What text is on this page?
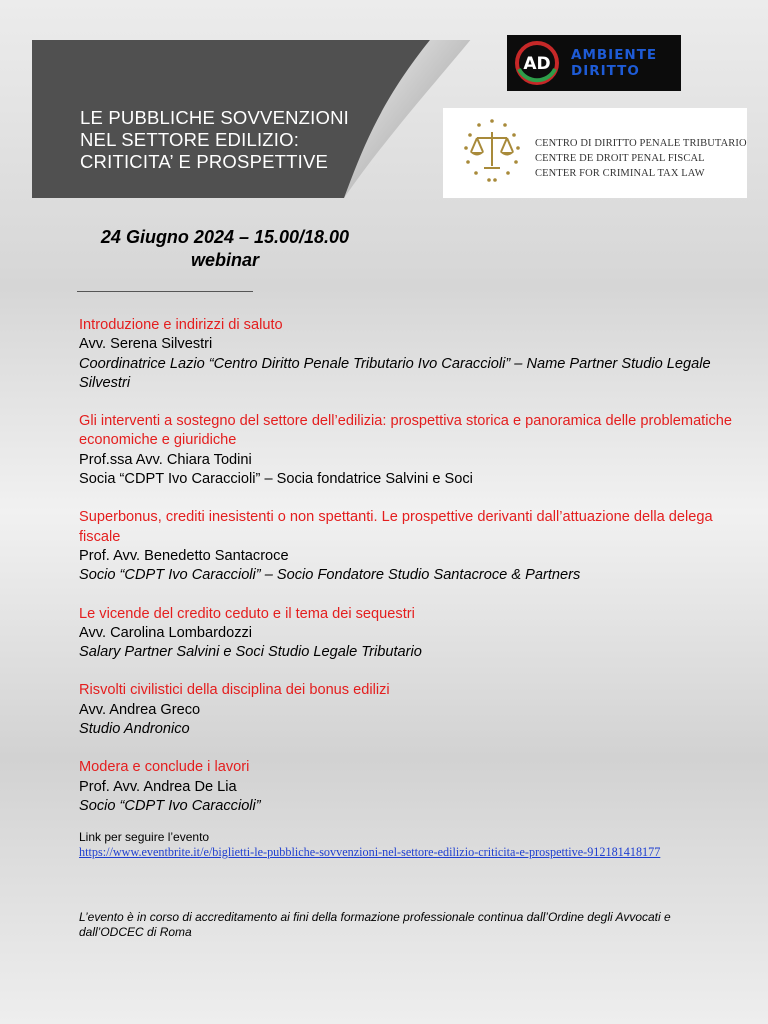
LE PUBBLICHE SOVVENZIONI
NEL SETTORE EDILIZIO:
CRITICITA’ E PROSPETTIVE
AD AMBIENTE
DIRITTO
CENTRO DI DIRITTO PENALE TRIBUTARIO
CENTRE DE DROIT PENAL FISCAL
CENTER FOR CRIMINAL TAX LAW
24 Giugno 2024 – 15.00/18.00
webinar
Introduzione e indirizzi di saluto
Avv. Serena Silvestri
Coordinatrice Lazio “Centro Diritto Penale Tributario Ivo Caraccioli” – Name Partner Studio Legale Silvestri
Gli interventi a sostegno del settore dell’edilizia: prospettiva storica e panoramica delle problematiche economiche e giuridiche
Prof.ssa Avv. Chiara Todini
Socia “CDPT Ivo Caraccioli” – Socia fondatrice Salvini e Soci
Superbonus, crediti inesistenti o non spettanti. Le prospettive derivanti dall’attuazione della delega fiscale
Prof. Avv. Benedetto Santacroce
Socio “CDPT Ivo Caraccioli” – Socio Fondatore Studio Santacroce & Partners
Le vicende del credito ceduto e il tema dei sequestri
Avv. Carolina Lombardozzi
Salary Partner Salvini e Soci Studio Legale Tributario
Risvolti civilistici della disciplina dei bonus edilizi
Avv. Andrea Greco
Studio Andronico
Modera e conclude i lavori
Prof. Avv. Andrea De Lia
Socio “CDPT Ivo Caraccioli”
Link per seguire l’evento
https://www.eventbrite.it/e/biglietti-le-pubbliche-sovvenzioni-nel-settore-edilizio-criticita-e-prospettive-912181418177
L’evento è in corso di accreditamento ai fini della formazione professionale continua dall’Ordine degli Avvocati e dall’ODCEC di Roma
